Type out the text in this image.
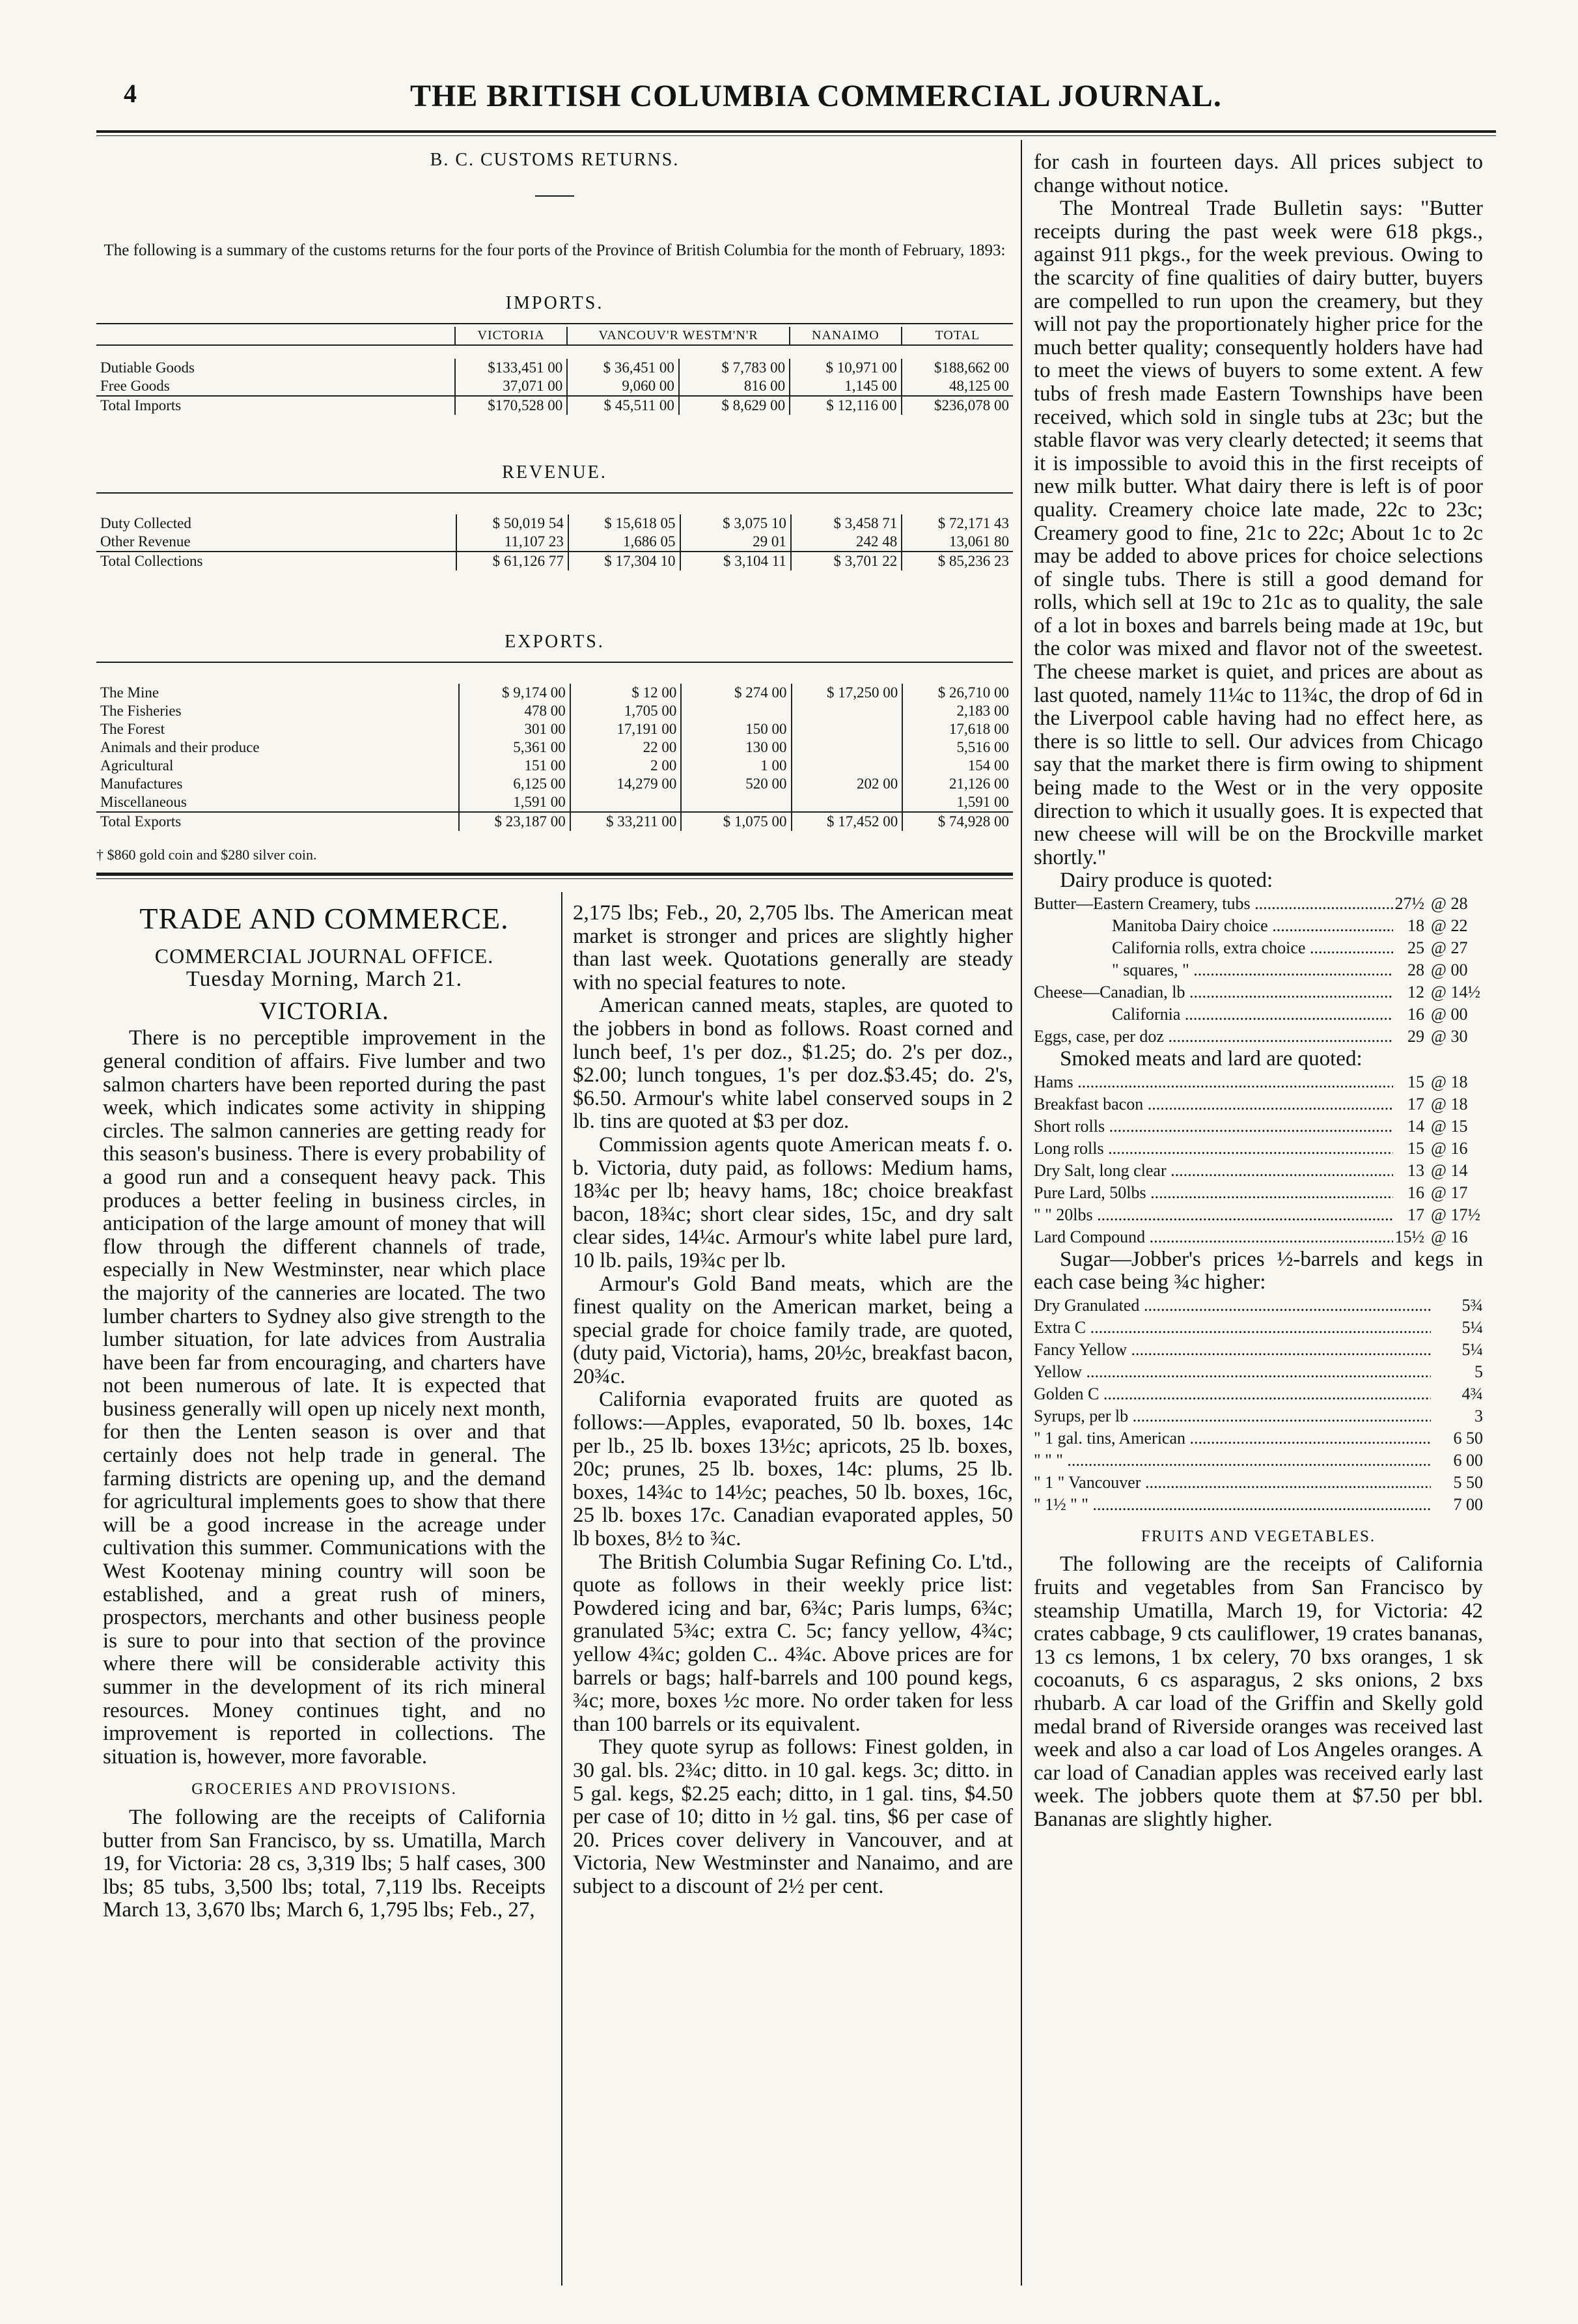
4	THE BRITISH COLUMBIA COMMERCIAL JOURNAL.
B. C. CUSTOMS RETURNS.
The following is a summary of the customs returns for the four ports of the Province of British Columbia for the month of February, 1893:
IMPORTS.
	VICTORIA	VANCOUV'R WESTM'N'R		NANAIMO	TOTAL

Dutiable Goods	$133,451 00	$ 36,451 00	$ 7,783 00	$ 10,971 00	$188,662 00
Free Goods	37,071 00	9,060 00	816 00	1,145 00	48,125 00
Total Imports	$170,528 00	$ 45,511 00	$ 8,629 00	$ 12,116 00	$236,078 00
REVENUE.
Duty Collected	$ 50,019 54	$ 15,618 05	$ 3,075 10	$ 3,458 71	$ 72,171 43
Other Revenue	11,107 23	1,686 05	29 01	242 48	13,061 80
Total Collections	$ 61,126 77	$ 17,304 10	$ 3,104 11	$ 3,701 22	$ 85,236 23
EXPORTS.
The Mine	$ 9,174 00	$ 12 00	$ 274 00	$ 17,250 00	$ 26,710 00
The Fisheries	478 00	1,705 00			2,183 00
The Forest	301 00	17,191 00	150 00		17,618 00
Animals and their produce	5,361 00	22 00	130 00		5,516 00
Agricultural	151 00	2 00	1 00		154 00
Manufactures	6,125 00	14,279 00	520 00	202 00	21,126 00
Miscellaneous	1,591 00				1,591 00
Total Exports	$ 23,187 00	$ 33,211 00	$ 1,075 00	$ 17,452 00	$ 74,928 00
† $860 gold coin and $280 silver coin.
TRADE AND COMMERCE.
COMMERCIAL JOURNAL OFFICE.
Tuesday Morning, March 21.
VICTORIA.

There is no perceptible improvement in the general condition of affairs. Five lumber and two salmon charters have been reported during the past week, which indicates some activity in shipping circles. The salmon canneries are getting ready for this season's business. There is every probability of a good run and a consequent heavy pack. This produces a better feeling in business circles, in anticipation of the large amount of money that will flow through the different channels of trade, especially in New Westminster, near which place the majority of the canneries are located. The two lumber charters to Sydney also give strength to the lumber situation, for late advices from Australia have been far from encouraging, and charters have not been numerous of late. It is expected that business generally will open up nicely next month, for then the Lenten season is over and that certainly does not help trade in general. The farming districts are opening up, and the demand for agricultural implements goes to show that there will be a good increase in the acreage under cultivation this summer. Communications with the West Kootenay mining country will soon be established, and a great rush of miners, prospectors, merchants and other business people is sure to pour into that section of the province where there will be considerable activity this summer in the development of its rich mineral resources. Money continues tight, and no improvement is reported in collections. The situation is, however, more favorable.

GROCERIES AND PROVISIONS.

The following are the receipts of California butter from San Francisco, by ss. Umatilla, March 19, for Victoria: 28 cs, 3,319 lbs; 5 half cases, 300 lbs; 85 tubs, 3,500 lbs; total, 7,119 lbs. Receipts March 13, 3,670 lbs; March 6, 1,795 lbs; Feb., 27,

2,175 lbs; Feb., 20, 2,705 lbs. The American meat market is stronger and prices are slightly higher than last week. Quotations generally are steady with no special features to note.

American canned meats, staples, are quoted to the jobbers in bond as follows. Roast corned and lunch beef, 1's per doz., $1.25; do. 2's per doz., $2.00; lunch tongues, 1's per doz.$3.45; do. 2's, $6.50. Armour's white label conserved soups in 2 lb. tins are quoted at $3 per doz.

Commission agents quote American meats f. o. b. Victoria, duty paid, as follows: Medium hams, 18¾c per lb; heavy hams, 18c; choice breakfast bacon, 18¾c; short clear sides, 15c, and dry salt clear sides, 14¼c. Armour's white label pure lard, 10 lb. pails, 19¾c per lb.

Armour's Gold Band meats, which are the finest quality on the American market, being a special grade for choice family trade, are quoted, (duty paid, Victoria), hams, 20½c, breakfast bacon, 20¾c.

California evaporated fruits are quoted as follows:—Apples, evaporated, 50 lb. boxes, 14c per lb., 25 lb. boxes 13½c; apricots, 25 lb. boxes, 20c; prunes, 25 lb. boxes, 14c: plums, 25 lb. boxes, 14¾c to 14½c; peaches, 50 lb. boxes, 16c, 25 lb. boxes 17c. Canadian evaporated apples, 50 lb boxes, 8½ to ¾c.

The British Columbia Sugar Refining Co. L'td., quote as follows in their weekly price list: Powdered icing and bar, 6¾c; Paris lumps, 6¾c; granulated 5¾c; extra C. 5c; fancy yellow, 4¾c; yellow 4¾c; golden C.. 4¾c. Above prices are for barrels or bags; half-barrels and 100 pound kegs, ¾c; more, boxes ½c more. No order taken for less than 100 barrels or its equivalent.

They quote syrup as follows: Finest golden, in 30 gal. bls. 2¾c; ditto. in 10 gal. kegs. 3c; ditto. in 5 gal. kegs, $2.25 each; ditto, in 1 gal. tins, $4.50 per case of 10; ditto in ½ gal. tins, $6 per case of 20. Prices cover delivery in Vancouver, and at Victoria, New Westminster and Nanaimo, and are subject to a discount of 2½ per cent.

for cash in fourteen days. All prices subject to change without notice.

The Montreal Trade Bulletin says: "Butter receipts during the past week were 618 pkgs., against 911 pkgs., for the week previous. Owing to the scarcity of fine qualities of dairy butter, buyers are compelled to run upon the creamery, but they will not pay the proportionately higher price for the much better quality; consequently holders have had to meet the views of buyers to some extent. A few tubs of fresh made Eastern Townships have been received, which sold in single tubs at 23c; but the stable flavor was very clearly detected; it seems that it is impossible to avoid this in the first receipts of new milk butter. What dairy there is left is of poor quality. Creamery choice late made, 22c to 23c; Creamery good to fine, 21c to 22c; About 1c to 2c may be added to above prices for choice selections of single tubs. There is still a good demand for rolls, which sell at 19c to 21c as to quality, the sale of a lot in boxes and barrels being made at 19c, but the color was mixed and flavor not of the sweetest. The cheese market is quiet, and prices are about as last quoted, namely 11¼c to 11¾c, the drop of 6d in the Liverpool cable having had no effect here, as there is so little to sell. Our advices from Chicago say that the market there is firm owing to shipment being made to the West or in the very opposite direction to which it usually goes. It is expected that new cheese will will be on the Brockville market shortly."

Dairy produce is quoted:

Butter—Eastern Creamery, tubs .....	27½ @ 28
Manitoba Dairy choice .....	18 @ 22
California rolls, extra choice .....	25 @ 27
" squares, " .....	28 @ 00
Cheese—Canadian, lb .....	12 @ 14½
California .....	16 @ 00
Eggs, case, per doz .....	29 @ 30

Smoked meats and lard are quoted:

Hams .....	15 @ 18
Breakfast bacon .....	17 @ 18
Short rolls .....	14 @ 15
Long rolls .....	15 @ 16
Dry Salt, long clear .....	13 @ 14
Pure Lard, 50lbs .....	16 @ 17
" " 20lbs .....	17 @ 17½
Lard Compound .....	15½ @ 16

Sugar—Jobber's prices ½-barrels and kegs in each case being ¾c higher:

Dry Granulated .....	5¾
Extra C .....	5¼
Fancy Yellow .....	5¼
Yellow .....	5
Golden C .....	4¾
Syrups, per lb .....	3
" 1 gal. tins, American .....	6 50
" " " .....	6 00
" 1 " Vancouver .....	5 50
" 1½ " " .....	7 00
FRUITS AND VEGETABLES.

The following are the receipts of California fruits and vegetables from San Francisco by steamship Umatilla, March 19, for Victoria: 42 crates cabbage, 9 cts cauliflower, 19 crates bananas, 13 cs lemons, 1 bx celery, 70 bxs oranges, 1 sk cocoanuts, 6 cs asparagus, 2 sks onions, 2 bxs rhubarb. A car load of the Griffin and Skelly gold medal brand of Riverside oranges was received last week and also a car load of Los Angeles oranges. A car load of Canadian apples was received early last week. The jobbers quote them at $7.50 per bbl. Bananas are slightly higher.
